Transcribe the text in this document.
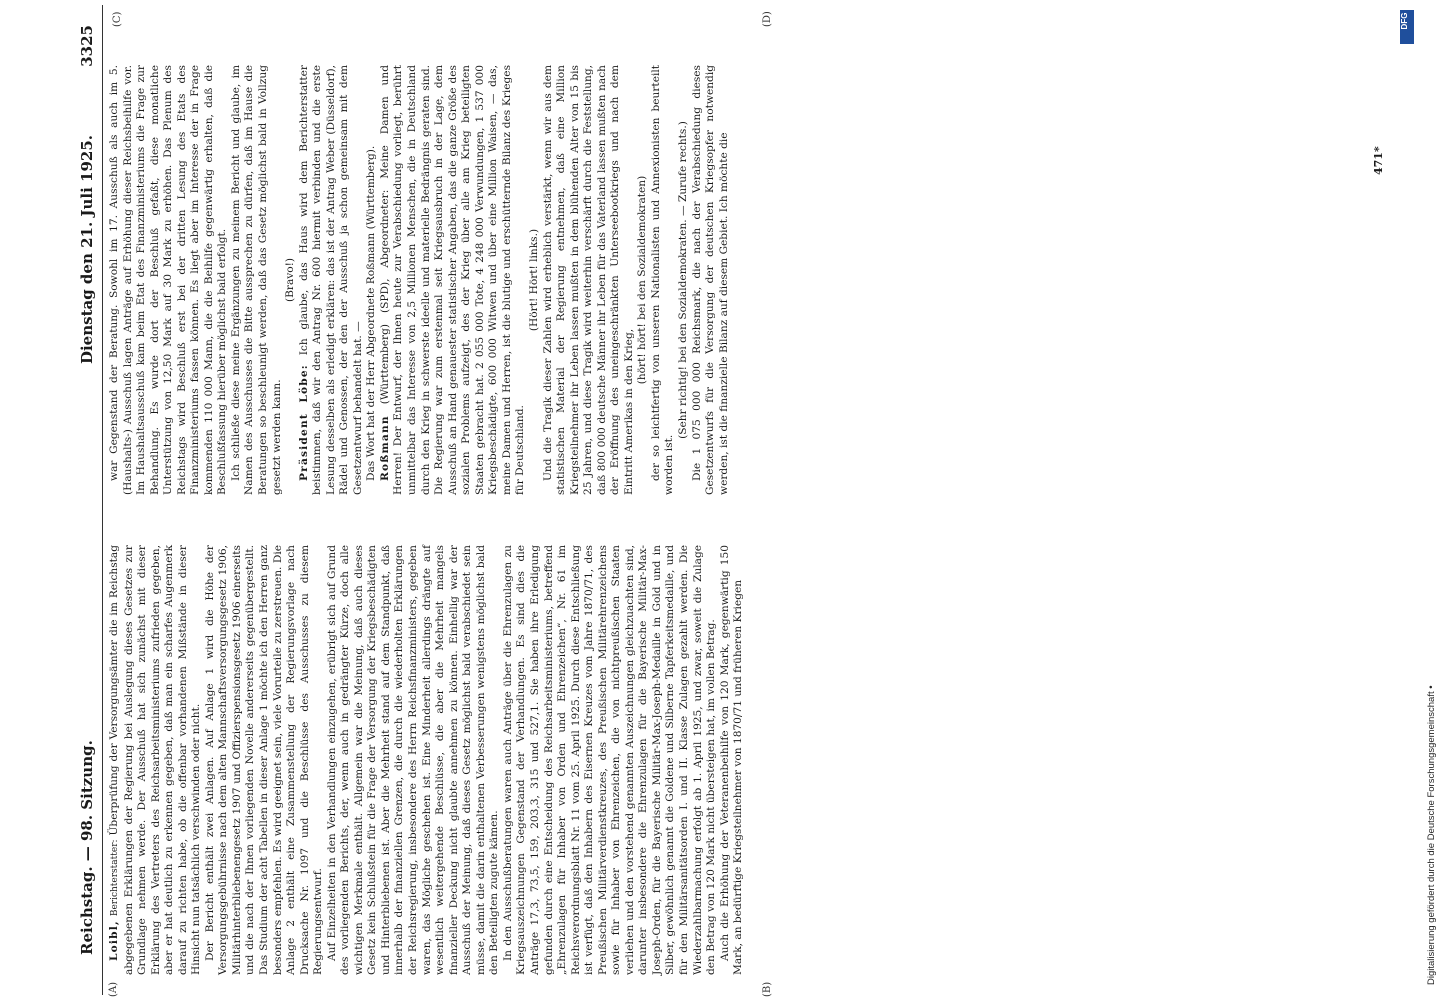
Reichstag. — 98. Sitzung.
Dienstag den 21. Juli 1925.
3325
(A)	(B)
(C)	(D)

Loibl, Berichterstatter: Überprüfung der Versorgungsämter die im Reichstag abgegebenen Erklärungen der Regierung bei Auslegung dieses Gesetzes zur Grundlage nehmen werde. Der Ausschuß hat sich zunächst mit dieser Erklärung des Vertreters des Reichsarbeitsministeriums zufrieden gegeben, aber er hat deutlich zu erkennen gegeben, daß man ein scharfes Augenmerk darauf zu richten habe, ob die offenbar vorhandenen Mißstände in dieser Hinsicht nun tatsächlich verschwinden oder nicht. Der Bericht enthält zwei Anlagen. Auf Anlage 1 wird die Höhe der Versorgungsgebührnisse nach dem alten Mannschaftsversorgungsgesetz 1906, Militärhinterbliebenengesetz 1907 und Offizierspensionsgesetz 1906 einerseits und die nach der Ihnen vorliegenden Novelle andererseits gegenübergestellt. Das Studium der acht Tabellen in dieser Anlage 1 möchte ich den Herren ganz besonders empfehlen. Es wird geeignet sein, viele Vorurteile zu zerstreuen. Die Anlage 2 enthält eine Zusammenstellung der Regierungsvorlage nach Drucksache Nr. 1097 und die Beschlüsse des Ausschusses zu diesem Regierungsentwurf. Auf Einzelheiten in den Verhandlungen einzugehen, erübrigt sich auf Grund des vorliegenden Berichts, der, wenn auch in gedrängter Kürze, doch alle wichtigen Merkmale enthält. Allgemein war die Meinung, daß auch dieses Gesetz kein Schlußstein für die Frage der Versorgung der Kriegsbeschädigten und Hinterbliebenen ist. Aber die Mehrheit stand auf dem Standpunkt, daß innerhalb der finanziellen Grenzen, die durch die wiederholten Erklärungen der Reichsregierung, insbesondere des Herrn Reichsfinanzministers, gegeben waren, das Mögliche geschehen ist. Eine Minderheit allerdings drängte auf wesentlich weitergehende Beschlüsse, die aber die Mehrheit mangels finanzieller Deckung nicht glaubte annehmen zu können. Einhellig war der Ausschuß der Meinung, daß dieses Gesetz möglichst bald verabschiedet sein müsse, damit die darin enthaltenen Verbesserungen wenigstens möglichst bald den Beteiligten zugute kämen. In den Ausschußberatungen waren auch Anträge über die Ehrenzulagen zu Kriegsauszeichnungen Gegenstand der Verhandlungen. Es sind dies die Anträge 17,3, 73,5, 159, 203,3, 315 und 527,1. Sie haben ihre Erledigung gefunden durch eine Entscheidung des Reichsarbeitsministeriums, betreffend „Ehrenzulagen für Inhaber von Orden und Ehrenzeichen“, Nr. 61 im Reichsverordnungsblatt Nr. 11 vom 25. April 1925. Durch diese Entschließung ist verfügt, daß den Inhabern des Eisernen Kreuzes vom Jahre 1870/71, des Preußischen Militärverdienstkreuzes, des Preußischen Militärehrenzeichens sowie für Inhaber von Ehrenzeichen, die von nichtpreußischen Staaten verliehen und den vorstehend genannten Auszeichnungen gleichzuachten sind, darunter insbesondere die Ehrenzulagen für die Bayerische Militär-Max-Joseph-Orden, für die Bayerische Militär-Max-Joseph-Medaille in Gold und in Silber, gewöhnlich genannt die Goldene und Silberne Tapferkeitsmedaille, und für den Militärsanitätsorden I. und II. Klasse Zulagen gezahlt werden. Die Wiederzahlbarmachung erfolgt ab 1. April 1925, und zwar, soweit die Zulage den Betrag von 120 Mark nicht übersteigen hat, im vollen Betrag. Auch die Erhöhung der Veteranenbeihilfe von 120 Mark, gegenwärtig 150 Mark, an bedürftige Kriegsteilnehmer von 1870/71 und früheren Kriegen

war Gegenstand der Beratung. Sowohl im 17. Ausschuß als auch im 5. (Haushalts-) Ausschuß lagen Anträge auf Erhöhung dieser Reichsbeihilfe vor. Im Haushaltsausschuß kam beim Etat des Finanzministeriums die Frage zur Behandlung. Es wurde dort der Beschluß gefaßt, diese monatliche Unterstützung von 12,50 Mark auf 30 Mark zu erhöhen. Das Plenum des Reichstags wird Beschluß erst bei der dritten Lesung des Etats des Finanzministeriums fassen können. Es liegt aber im Interesse der in Frage kommenden 110 000 Mann, die die Beihilfe gegenwärtig erhalten, daß die Beschlußfassung hierüber möglichst bald erfolgt. Ich schließe diese meine Ergänzungen zu meinem Bericht und glaube, im Namen des Ausschusses die Bitte aussprechen zu dürfen, daß im Hause die Beratungen so beschleunigt werden, daß das Gesetz möglichst bald in Vollzug gesetzt werden kann.

(Bravo!)

Präsident Löbe: Ich glaube, das Haus wird dem Berichterstatter beistimmen, daß wir den Antrag Nr. 600 hiermit verbinden und die erste Lesung desselben als erledigt erklären: das ist der Antrag Weber (Düsseldorf), Rädel und Genossen, der den der Ausschuß ja schon gemeinsam mit dem Gesetzentwurf behandelt hat. — Das Wort hat der Herr Abgeordnete Roßmann (Württemberg). Roßmann (Württemberg) (SPD), Abgeordneter: Meine Damen und Herren! Der Entwurf, der Ihnen heute zur Verabschiedung vorliegt, berührt unmittelbar das Interesse von 2,5 Millionen Menschen, die in Deutschland durch den Krieg in schwerste ideelle und materielle Bedrängnis geraten sind. Die Regierung war zum erstenmal seit Kriegsausbruch in der Lage, dem Ausschuß an Hand genauester statistischer Angaben, das die ganze Größe des sozialen Problems aufzeigt, des der Krieg über alle am Krieg beteiligten Staaten gebracht hat. 2 055 000 Tote, 4 248 000 Verwundungen, 1 537 000 Kriegsbeschädigte, 600 000 Witwen und über eine Million Waisen, — das, meine Damen und Herren, ist die blutige und erschütternde Bilanz des Krieges für Deutschland.

(Hört! Hört! links.) Und die Tragik dieser Zahlen wird erheblich verstärkt, wenn wir aus dem statistischen Material der Regierung entnehmen, daß eine Million Kriegsteilnehmer ihr Leben lassen mußten in dem blühenden Alter von 15 bis 25 Jahren, und diese Tragik wird weiterhin verschärft durch die Feststellung, daß 800 000 deutsche Männer ihr Leben für das Vaterland lassen mußten nach der Eröffnung des uneingeschränkten Unterseebootkriegs und nach dem Eintritt Amerikas in den Krieg,

(hört! hört! bei den Sozialdemokraten) der so leichtfertig von unseren Nationalisten und Annexionisten beurteilt worden ist.

(Sehr richtig! bei den Sozialdemokraten. — Zurufe rechts.) Die 1 075 000 000 Reichsmark, die nach der Verabschiedung dieses Gesetzentwurfs für die Versorgung der deutschen Kriegsopfer notwendig werden, ist die finanzielle Bilanz auf diesem Gebiet. Ich möchte die	471*
DFG
Digitalisierung gefördert durch die Deutsche Forschungsgemeinschaft •
